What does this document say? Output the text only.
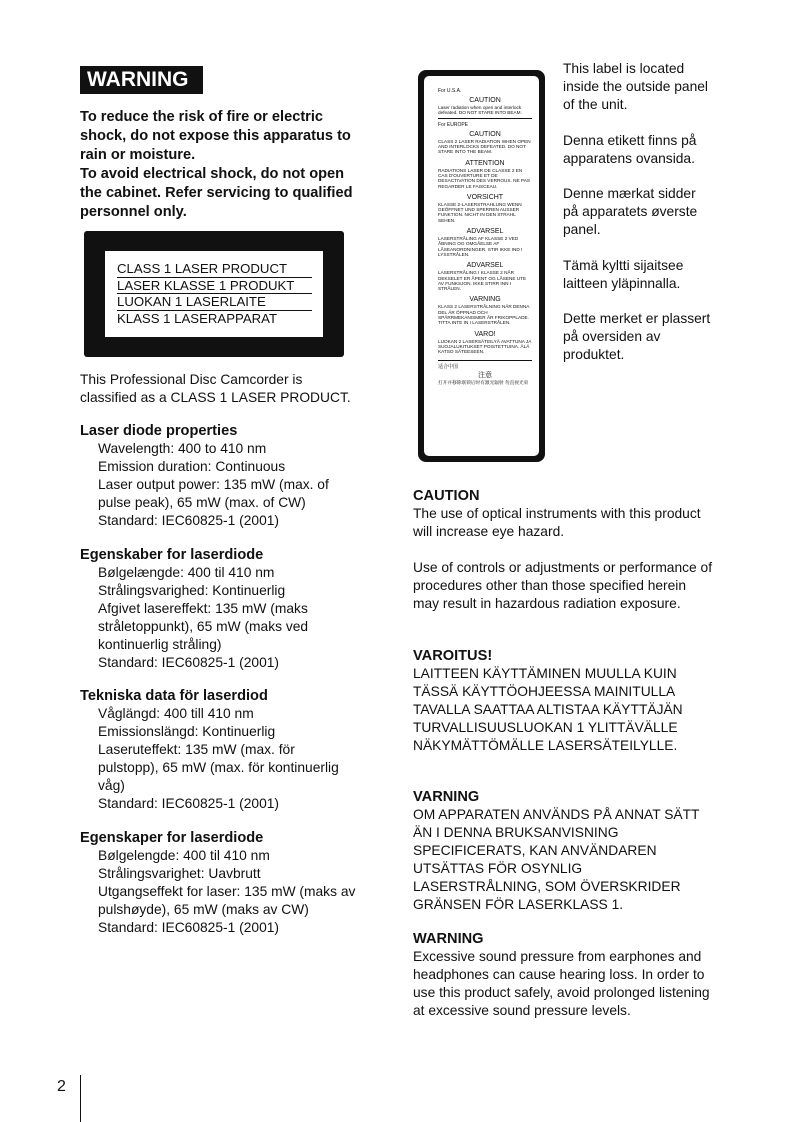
WARNING

To reduce the risk of fire or electric

shock, do not expose this apparatus to

rain or moisture.

To avoid electrical shock, do not open

the cabinet. Refer servicing to qualified

personnel only.

CLASS 1 LASER PRODUCT
LASER KLASSE 1 PRODUKT
LUOKAN 1 LASERLAITE
KLASS 1 LASERAPPARAT

This Professional Disc Camcorder is

classified as a CLASS 1 LASER PRODUCT.

Laser diode properties
Wavelength: 400 to 410 nm
Emission duration: Continuous
Laser output power: 135 mW (max. of
pulse peak), 65 mW (max. of CW)
Standard: IEC60825-1 (2001)
Egenskaber for laserdiode
Bølgelængde: 400 til 410 nm
Strålingsvarighed: Kontinuerlig
Afgivet lasereffekt: 135 mW (maks
stråletoppunkt), 65 mW (maks ved
kontinuerlig stråling)
Standard: IEC60825-1 (2001)
Tekniska data för laserdiod
Våglängd: 400 till 410 nm
Emissionslängd: Kontinuerlig
Laseruteffekt: 135 mW (max. för
pulstopp), 65 mW (max. för kontinuerlig
våg)
Standard: IEC60825-1 (2001)
Egenskaper for laserdiode
Bølgelengde: 400 til 410 nm
Strålingsvarighet: Uavbrutt
Utgangseffekt for laser: 135 mW (maks av
pulshøyde), 65 mW (maks av CW)
Standard: IEC60825-1 (2001)
For U.S.A.
CAUTION
Laser radiation when open and interlock defeated. DO NOT STARE INTO BEAM.
For EUROPE
CAUTION
CLASS 2 LASER RADIATION WHEN OPEN AND INTERLOCKS DEFEATED. DO NOT STARE INTO THE BEAM.
ATTENTION
RADIATIONS LASER DE CLASSE 2 EN CAS D'OUVERTURE ET DE DESACTIVATION DES VERROUS. NE PAS REGARDER LE FAISCEAU.
VORSICHT
KLASSE 2-LASERSTRAHLUNG WENN GEÖFFNET UND SPERREN AUSSER FUNKTION. NICHT IN DEN STRAHL SEHEN.
ADVARSEL
LASERSTRÅLING AF KLASSE 2 VED ÅBNING OG OMGÅELSE AF LÅSEANORDNINGER. STIR IKKE IND I LYSSTRÅLEN.
ADVARSEL
LASERSTRÅLING I KLASSE 2 NÅR DEKSELET ER ÅPENT OG LÅSENE UTE AV FUNKSJON. IKKE STIRR INN I STRÅLEN.
VARNING
KLASS 2 LASERSTRÅLNING NÄR DENNA DEL ÄR ÖPPNAD OCH SPÄRRMEKANISMER ÄR FRIKOPPLADE. TITTA INTE IN I LASERSTRÅLEN.
VARO!
LUOKAN 2 LASERSÄTEILYÄ AVATTUNA JA SUOJALUKITUKSET POISTETTUINA. ÄLÄ KATSO SÄTEESEEN.
适合中国
注意
打开并移除联锁后时有激光辐射 勿直视光束

This label is located inside the outside panel of the unit.

Denna etikett finns på apparatens ovansida.

Denne mærkat sidder på apparatets øverste panel.

Tämä kyltti sijaitsee laitteen yläpinnalla.

Dette merket er plassert på oversiden av produktet.

CAUTION

The use of optical instruments with this product will increase eye hazard.

Use of controls or adjustments or performance of procedures other than those specified herein may result in hazardous radiation exposure.

VAROITUS!

LAITTEEN KÄYTTÄMINEN MUULLA KUIN TÄSSÄ KÄYTTÖOHJEESSA MAINITULLA TAVALLA SAATTAA ALTISTAA KÄYTTÄJÄN TURVALLISUUSLUOKAN 1 YLITTÄVÄLLE NÄKYMÄTTÖMÄLLE LASERSÄTEILYLLE.

VARNING

OM APPARATEN ANVÄNDS PÅ ANNAT SÄTT ÄN I DENNA BRUKSANVISNING SPECIFICERATS, KAN ANVÄNDAREN UTSÄTTAS FÖR OSYNLIG LASERSTRÅLNING, SOM ÖVERSKRIDER GRÄNSEN FÖR LASERKLASS 1.

WARNING

Excessive sound pressure from earphones and headphones can cause hearing loss. In order to use this product safely, avoid prolonged listening at excessive sound pressure levels.

2
